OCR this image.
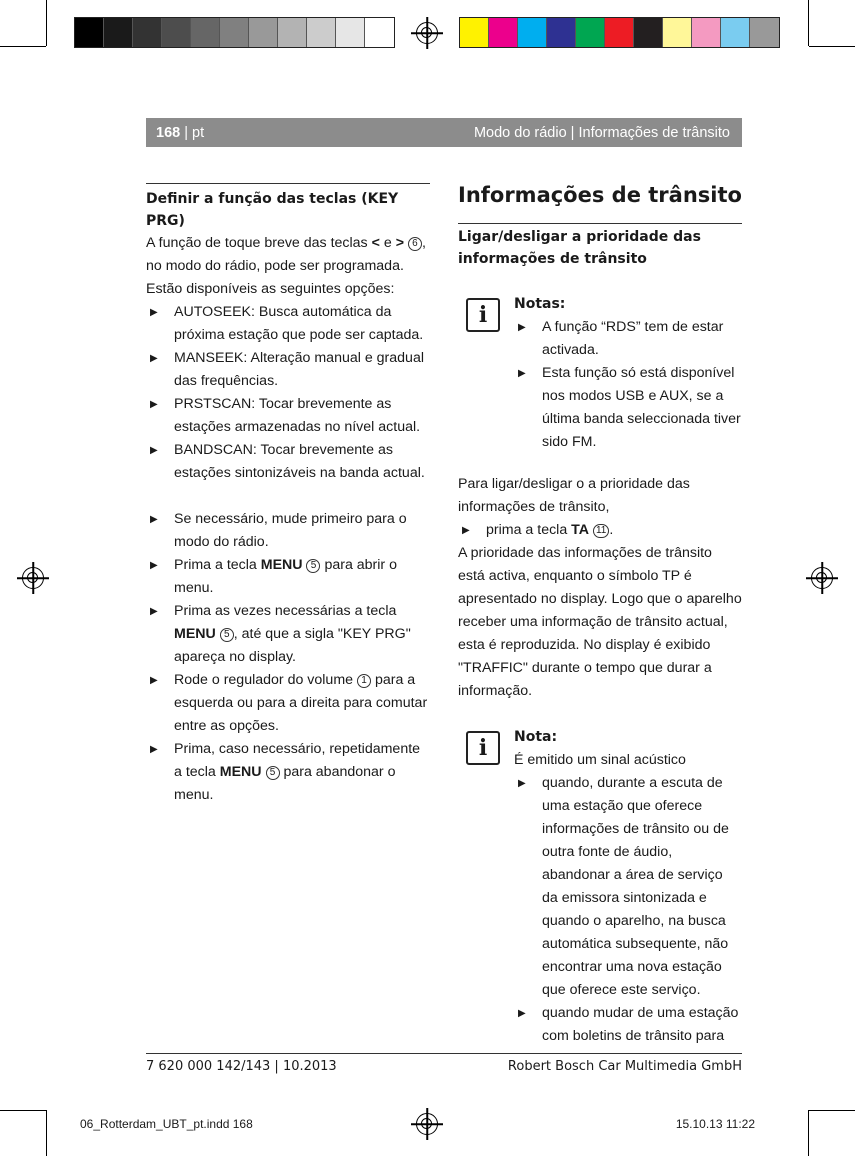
168 | pt	Modo do rádio | Informações de trânsito
Definir a função das teclas (KEY PRG)

A função de toque breve das teclas < e > 6 , no modo do rádio, pode ser programada. Estão disponíveis as seguintes opções:

▶ AUTOSEEK: Busca automática da próxima estação que pode ser captada.
▶ MANSEEK: Alteração manual e gradual das frequências.
▶ PRSTSCAN: Tocar brevemente as estações armazenadas no nível actual.
▶ BANDSCAN: Tocar brevemente as estações sintonizáveis na banda actual.
▶ Se necessário, mude primeiro para o modo do rádio.
▶ Prima a tecla MENU 5 para abrir o menu.
▶ Prima as vezes necessárias a tecla MENU 5 , até que a sigla "KEY PRG" apareça no display.
▶ Rode o regulador do volume 1 para a esquerda ou para a direita para comutar entre as opções.
▶ Prima, caso necessário, repetidamente a tecla MENU 5 para abandonar o menu.
Informações de trânsito
Ligar/desligar a prioridade das informações de trânsito
i	Notas:
▶ A função “RDS” tem de estar activada.
▶ Esta função só está disponível nos modos USB e AUX, se a última banda seleccionada tiver sido FM.

Para ligar/desligar o a prioridade das informações de trânsito,

▶ prima a tecla TA 11 .

A prioridade das informações de trânsito está activa, enquanto o símbolo TP é apresentado no display. Logo que o aparelho receber uma informação de trânsito actual, esta é reproduzida. No display é exibido "TRAFFIC" durante o tempo que durar a informação.

i	Nota:

É emitido um sinal acústico

▶ quando, durante a escuta de uma estação que oferece informações de trânsito ou de outra fonte de áudio, abandonar a área de serviço da emissora sintonizada e quando o aparelho, na busca automática subsequente, não encontrar uma nova estação que oferece este serviço.
▶ quando mudar de uma estação com boletins de trânsito para
7 620 000 142/143 | 10.2013	Robert Bosch Car Multimedia GmbH
06_Rotterdam_UBT_pt.indd 168	15.10.13 11:22
